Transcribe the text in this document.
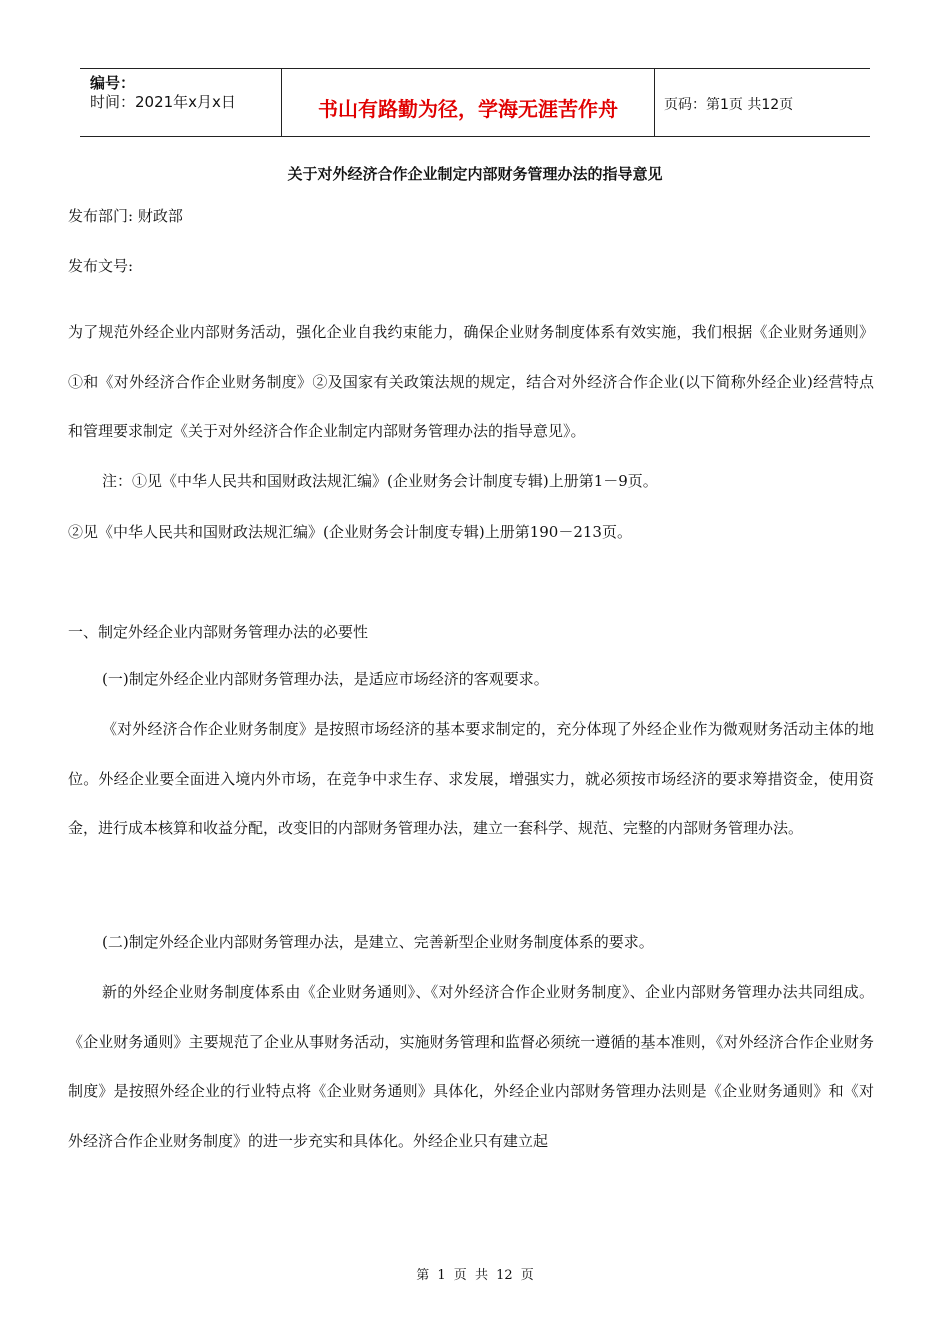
编号：
时间：2021年x月x日	书山有路勤为径，学海无涯苦作舟	页码：第1页 共12页
关于对外经济合作企业制定内部财务管理办法的指导意见
发布部门: 财政部
发布文号:
为了规范外经企业内部财务活动，强化企业自我约束能力，确保企业财务制度体系有效实施，我们根据《企业财务通则》①和《对外经济合作企业财务制度》②及国家有关政策法规的规定，结合对外经济合作企业(以下简称外经企业)经营特点和管理要求制定《关于对外经济合作企业制定内部财务管理办法的指导意见》。
注：①见《中华人民共和国财政法规汇编》(企业财务会计制度专辑)上册第1－9页。
②见《中华人民共和国财政法规汇编》(企业财务会计制度专辑)上册第190－213页。
一、制定外经企业内部财务管理办法的必要性
(一)制定外经企业内部财务管理办法，是适应市场经济的客观要求。
《对外经济合作企业财务制度》是按照市场经济的基本要求制定的，充分体现了外经企业作为微观财务活动主体的地位。外经企业要全面进入境内外市场，在竞争中求生存、求发展，增强实力，就必须按市场经济的要求筹措资金，使用资金，进行成本核算和收益分配，改变旧的内部财务管理办法，建立一套科学、规范、完整的内部财务管理办法。
(二)制定外经企业内部财务管理办法，是建立、完善新型企业财务制度体系的要求。
新的外经企业财务制度体系由《企业财务通则》、《对外经济合作企业财务制度》、企业内部财务管理办法共同组成。《企业财务通则》主要规范了企业从事财务活动，实施财务管理和监督必须统一遵循的基本准则，《对外经济合作企业财务制度》是按照外经企业的行业特点将《企业财务通则》具体化，外经企业内部财务管理办法则是《企业财务通则》和《对外经济合作企业财务制度》的进一步充实和具体化。外经企业只有建立起
第 1 页 共 12 页
